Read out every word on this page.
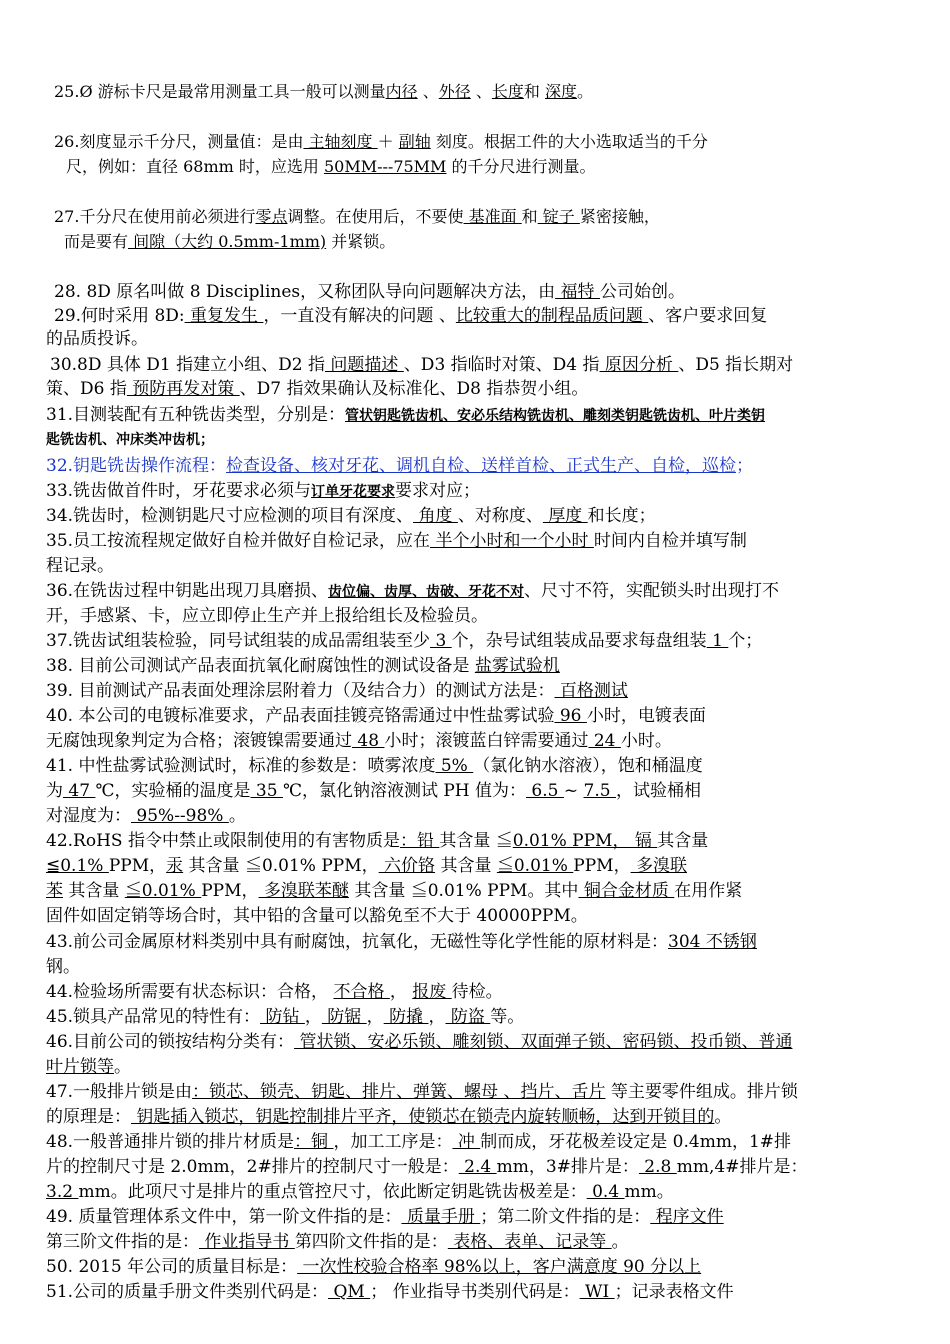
25.Ø 游标卡尺是最常用测量工具一般可以测量内径 、外径 、长度和 深度。
26.刻度显示千分尺，测量值：是由 主轴刻度 ＋ 副轴 刻度。根据工件的大小选取适当的千分
尺，例如：直径 68mm 时，应选用 50MM---75MM 的千分尺进行测量。
27.千分尺在使用前必须进行零点调整。在使用后，不要使 基准面 和 锭子 紧密接触，
而是要有 间隙（大约 0.5mm-1mm) 并紧锁。
28. 8D 原名叫做 8 Disciplines，又称团队导向问题解决方法，由 福特 公司始创。
29.何时采用 8D: 重复发生 ，一直没有解决的问题 、比较重大的制程品质问题 、客户要求回复
的品质投诉。
30.8D 具体 D1 指建立小组、D2 指 问题描述 、D3 指临时对策、D4 指 原因分析 、D5 指长期对
策、D6 指 预防再发对策 、D7 指效果确认及标准化、D8 指恭贺小组。
31.目测装配有五种铣齿类型，分别是：管状钥匙铣齿机、安必乐结构铣齿机、雕刻类钥匙铣齿机、叶片类钥
匙铣齿机、冲床类冲齿机；
32.钥匙铣齿操作流程：检查设备、核对牙花、调机自检、送样首检、正式生产、自检，巡检；
33.铣齿做首件时，牙花要求必须与订单牙花要求要求对应；
34.铣齿时，检测钥匙尺寸应检测的项目有深度、 角度 、对称度、 厚度 和长度；
35.员工按流程规定做好自检并做好自检记录，应在 半个小时和一个小时 时间内自检并填写制
程记录。
36.在铣齿过程中钥匙出现刀具磨损、齿位偏、齿厚、齿破、牙花不对、尺寸不符，实配锁头时出现打不
开，手感紧、卡，应立即停止生产并上报给组长及检验员。
37.铣齿试组装检验，同号试组装的成品需组装至少 3 个，杂号试组装成品要求每盘组装 1 个；
38. 目前公司测试产品表面抗氧化耐腐蚀性的测试设备是 盐雾试验机
39. 目前测试产品表面处理涂层附着力（及结合力）的测试方法是： 百格测试
40. 本公司的电镀标准要求，产品表面挂镀亮铬需通过中性盐雾试验 96 小时，电镀表面
无腐蚀现象判定为合格；滚镀镍需要通过 48 小时；滚镀蓝白锌需要通过 24 小时。
41. 中性盐雾试验测试时，标准的参数是：喷雾浓度 5% （氯化钠水溶液），饱和桶温度
为 47 ℃，实验桶的温度是 35 ℃，氯化钠溶液测试 PH 值为： 6.5 ~ 7.5 ，试验桶相
对湿度为： 95%--98% 。
42.RoHS 指令中禁止或限制使用的有害物质是：铅 其含量 ≦0.01% PPM， 镉 其含量
≦0.1% PPM，汞 其含量 ≦0.01% PPM， 六价铬 其含量 ≦0.01% PPM， 多溴联
苯 其含量 ≦0.01% PPM， 多溴联苯醚 其含量 ≦0.01% PPM。其中 铜合金材质 在用作紧
固件如固定销等场合时，其中铅的含量可以豁免至不大于 40000PPM。
43.前公司金属原材料类别中具有耐腐蚀，抗氧化，无磁性等化学性能的原材料是：304 不锈钢
钢。
44.检验场所需要有状态标识：合格， 不合格 ， 报废 待检。
45.锁具产品常见的特性有： 防钻 ， 防锯 ， 防撬 ， 防盗 等。
46.目前公司的锁按结构分类有： 管状锁、安必乐锁、雕刻锁、双面弹子锁、密码锁、投币锁、普通
叶片锁等。
47.一般排片锁是由：锁芯、锁壳、钥匙、排片、弹簧、螺母 、挡片、舌片 等主要零件组成。排片锁
的原理是： 钥匙插入锁芯，钥匙控制排片平齐，使锁芯在锁壳内旋转顺畅，达到开锁目的。
48.一般普通排片锁的排片材质是：铜 ，加工工序是： 冲 制而成，牙花极差设定是 0.4mm，1#排
片的控制尺寸是 2.0mm，2#排片的控制尺寸一般是： 2.4 mm，3#排片是： 2.8 mm,4#排片是：
3.2 mm。此项尺寸是排片的重点管控尺寸，依此断定钥匙铣齿极差是： 0.4 mm。
49. 质量管理体系文件中，第一阶文件指的是： 质量手册 ；第二阶文件指的是： 程序文件
第三阶文件指的是： 作业指导书 第四阶文件指的是： 表格、表单、记录等 。
50. 2015 年公司的质量目标是： 一次性校验合格率 98%以上，客户满意度 90 分以上
51.公司的质量手册文件类别代码是： QM ； 作业指导书类别代码是： WI ；记录表格文件
